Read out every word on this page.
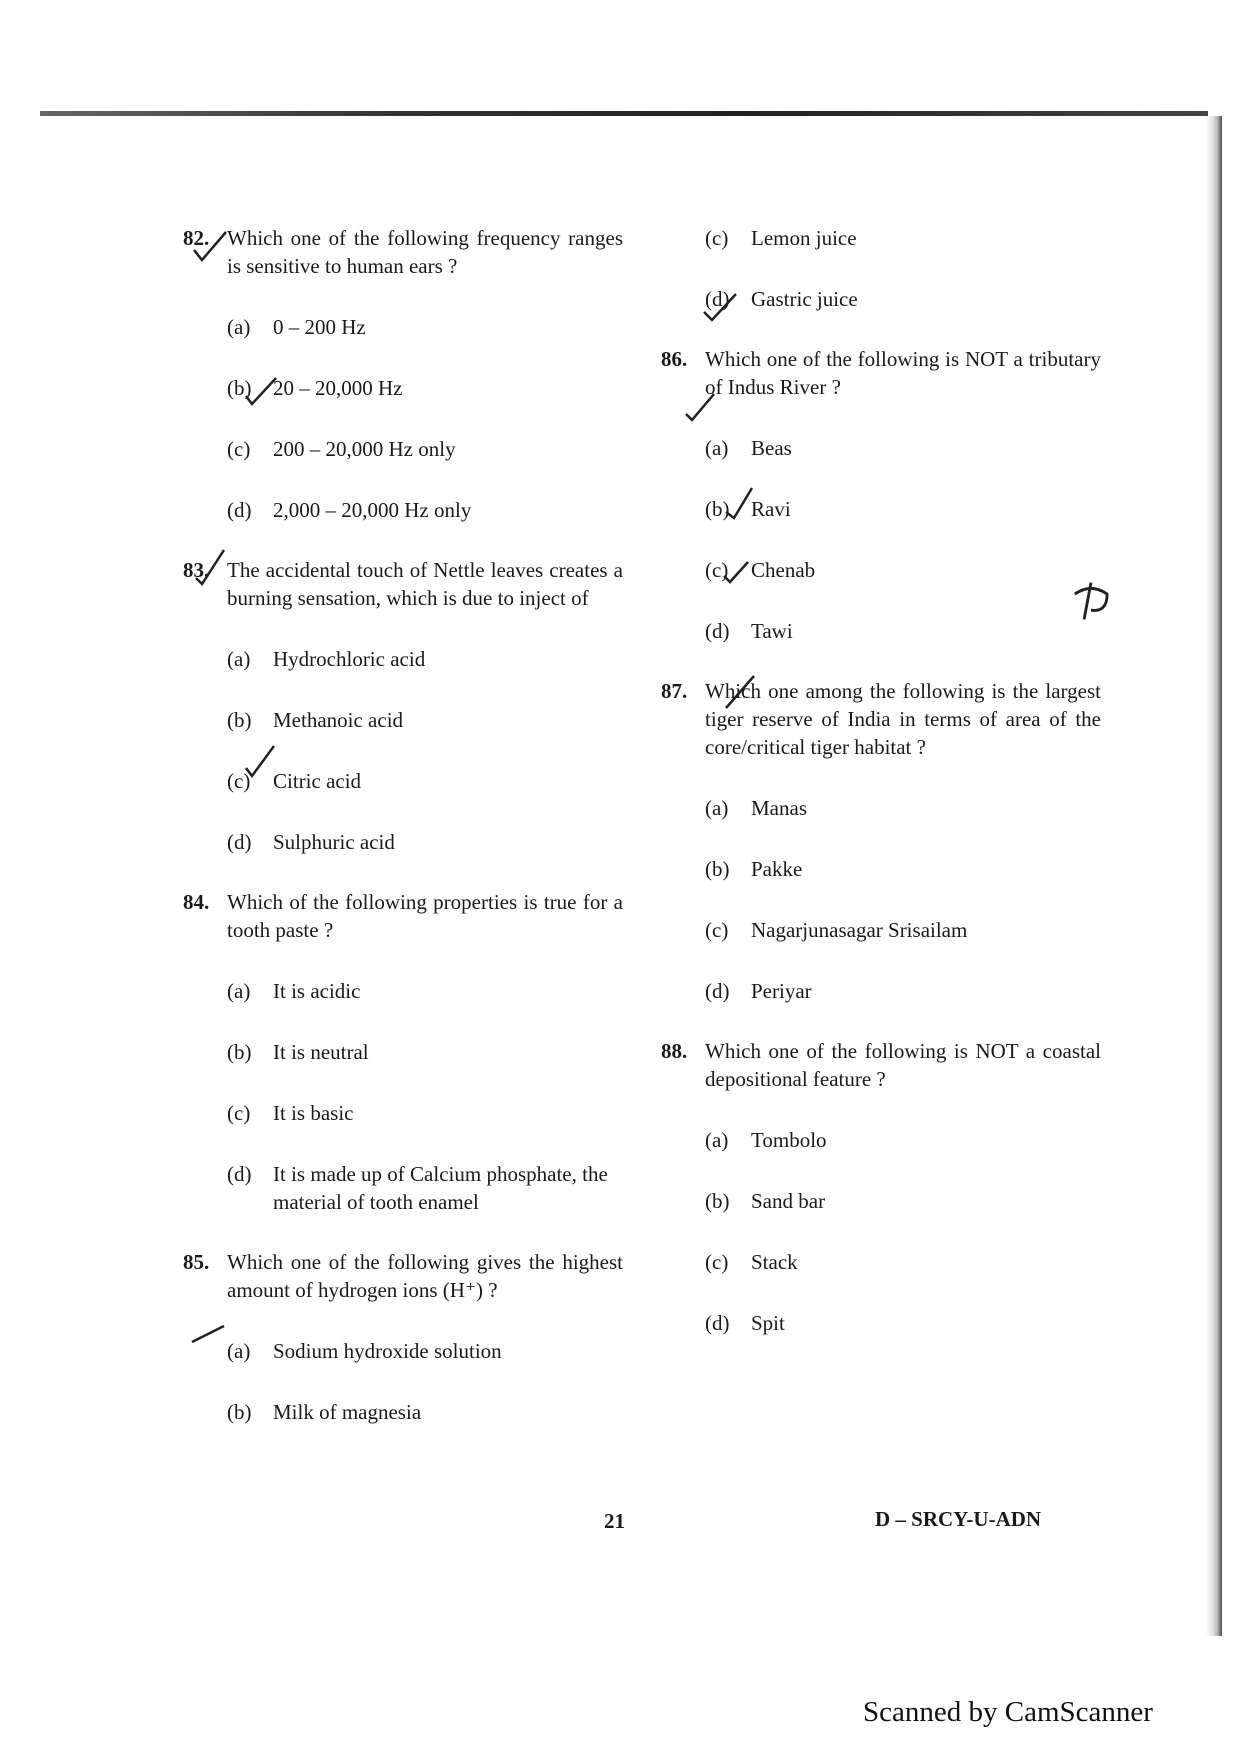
82. Which one of the following frequency ranges is sensitive to human ears ?
(a)	0 – 200 Hz
(b)	20 – 20,000 Hz
(c)	200 – 20,000 Hz only
(d)	2,000 – 20,000 Hz only
83. The accidental touch of Nettle leaves creates a burning sensation, which is due to inject of
(a)	Hydrochloric acid
(b)	Methanoic acid
(c)	Citric acid
(d)	Sulphuric acid
84. Which of the following properties is true for a tooth paste ?
(a)	It is acidic
(b)	It is neutral
(c)	It is basic
(d)	It is made up of Calcium phosphate, the material of tooth enamel
85. Which one of the following gives the highest amount of hydrogen ions (H⁺) ?
(a)	Sodium hydroxide solution
(b)	Milk of magnesia
(c)	Lemon juice
(d)	Gastric juice
86. Which one of the following is NOT a tributary of Indus River ?
(a)	Beas
(b)	Ravi
(c)	Chenab
(d)	Tawi
87. Which one among the following is the largest tiger reserve of India in terms of area of the core/critical tiger habitat ?
(a)	Manas
(b)	Pakke
(c)	Nagarjunasagar Srisailam
(d)	Periyar
88. Which one of the following is NOT a coastal depositional feature ?
(a)	Tombolo
(b)	Sand bar
(c)	Stack
(d)	Spit
21	D – SRCY-U-ADN
Scanned by CamScanner
